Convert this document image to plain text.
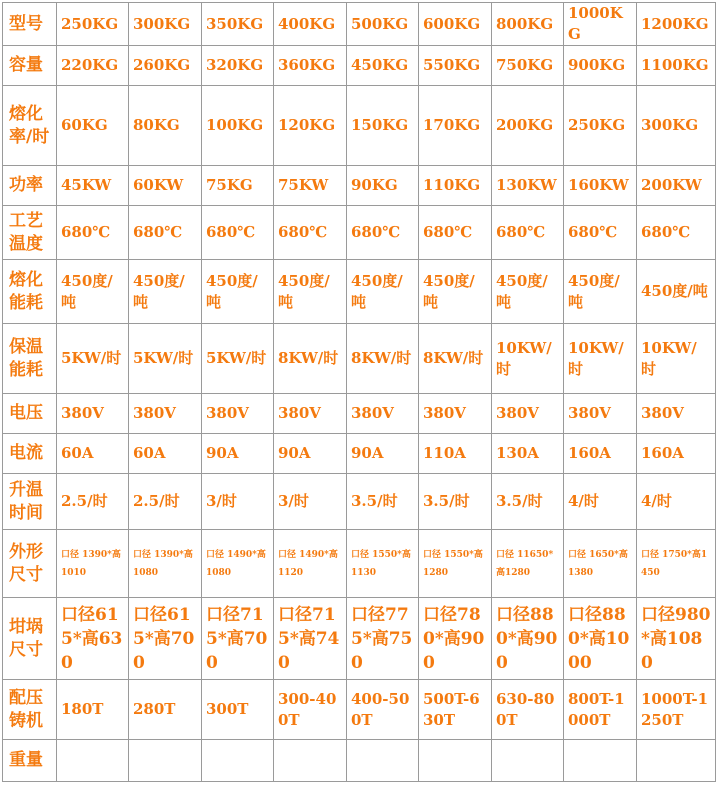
型号	250KG	300KG	350KG	400KG	500KG	600KG	800KG	1000KG	1200KG
容量	220KG	260KG	320KG	360KG	450KG	550KG	750KG	900KG	1100KG
熔化率/时	60KG	80KG	100KG	120KG	150KG	170KG	200KG	250KG	300KG
功率	45KW	60KW	75KG	75KW	90KG	110KG	130KW	160KW	200KW
工艺温度	680℃	680℃	680℃	680℃	680℃	680℃	680℃	680℃	680℃
熔化能耗	450度/吨	450度/吨	450度/吨	450度/吨	450度/吨	450度/吨	450度/吨	450度/吨	450度/吨
保温能耗	5KW/时	5KW/时	5KW/时	8KW/时	8KW/时	8KW/时	10KW/时	10KW/时	10KW/时
电压	380V	380V	380V	380V	380V	380V	380V	380V	380V
电流	60A	60A	90A	90A	90A	110A	130A	160A	160A
升温时间	2.5/时	2.5/时	3/时	3/时	3.5/时	3.5/时	3.5/时	4/时	4/时
外形尺寸	口径 1390*高1010	口径 1390*高1080	口径 1490*高1080	口径 1490*高1120	口径 1550*高1130	口径 1550*高1280	口径 11650*高1280	口径 1650*高1380	口径 1750*高1450
坩埚尺寸	口径615*高630	口径615*高700	口径715*高700	口径715*高740	口径775*高750	口径780*高900	口径880*高900	口径880*高1000	口径980*高1080
配压铸机	180T	280T	300T	300-400T	400-500T	500T-630T	630-800T	800T-1000T	1000T-1250T
重量									
